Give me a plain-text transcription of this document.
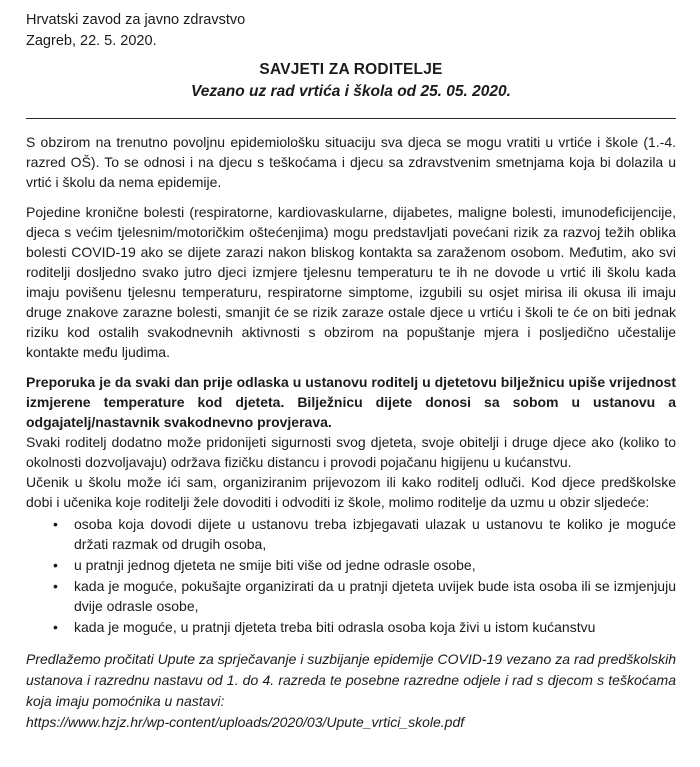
Hrvatski zavod za javno zdravstvo
Zagreb, 22. 5. 2020.
SAVJETI ZA RODITELJE
Vezano uz rad vrtića i škola od 25. 05. 2020.

S obzirom na trenutno povoljnu epidemiološku situaciju sva djeca se mogu vratiti u vrtiće i škole (1.-4. razred OŠ). To se odnosi i na djecu s teškoćama i djecu sa zdravstvenim smetnjama koja bi dolazila u vrtić i školu da nema epidemije.

Pojedine kronične bolesti (respiratorne, kardiovaskularne, dijabetes, maligne bolesti, imunodeficijencije, djeca s većim tjelesnim/motoričkim oštećenjima) mogu predstavljati povećani rizik za razvoj težih oblika bolesti COVID-19 ako se dijete zarazi nakon bliskog kontakta sa zaraženom osobom. Međutim, ako svi roditelji dosljedno svako jutro djeci izmjere tjelesnu temperaturu te ih ne dovode u vrtić ili školu kada imaju povišenu tjelesnu temperaturu, respiratorne simptome, izgubili su osjet mirisa ili okusa ili imaju druge znakove zarazne bolesti, smanjit će se rizik zaraze ostale djece u vrtiću i školi te će on biti jednak riziku kod ostalih svakodnevnih aktivnosti s obzirom na popuštanje mjera i posljedično učestalije kontakte među ljudima.

Preporuka je da svaki dan prije odlaska u ustanovu roditelj u djetetovu bilježnicu upiše vrijednost izmjerene temperature kod djeteta. Bilježnicu dijete donosi sa sobom u ustanovu a odgajatelj/nastavnik svakodnevno provjerava.

Svaki roditelj dodatno može pridonijeti sigurnosti svog djeteta, svoje obitelji i druge djece ako (koliko to okolnosti dozvoljavaju) održava fizičku distancu i provodi pojačanu higijenu u kućanstvu.

Učenik u školu može ići sam, organiziranim prijevozom ili kako roditelj odluči. Kod djece predškolske dobi i učenika koje roditelji žele dovoditi i odvoditi iz škole, molimo roditelje da uzmu u obzir sljedeće:

• osoba koja dovodi dijete u ustanovu treba izbjegavati ulazak u ustanovu te koliko je moguće držati razmak od drugih osoba,
• u pratnji jednog djeteta ne smije biti više od jedne odrasle osobe,
• kada je moguće, pokušajte organizirati da u pratnji djeteta uvijek bude ista osoba ili se izmjenjuju dvije odrasle osobe,
• kada je moguće, u pratnji djeteta treba biti odrasla osoba koja živi u istom kućanstvu

Predlažemo pročitati Upute za sprječavanje i suzbijanje epidemije COVID-19 vezano za rad predškolskih ustanova i razrednu nastavu od 1. do 4. razreda te posebne razredne odjele i rad s djecom s teškoćama koja imaju pomoćnika u nastavi:

https://www.hzjz.hr/wp-content/uploads/2020/03/Upute_vrtici_skole.pdf
